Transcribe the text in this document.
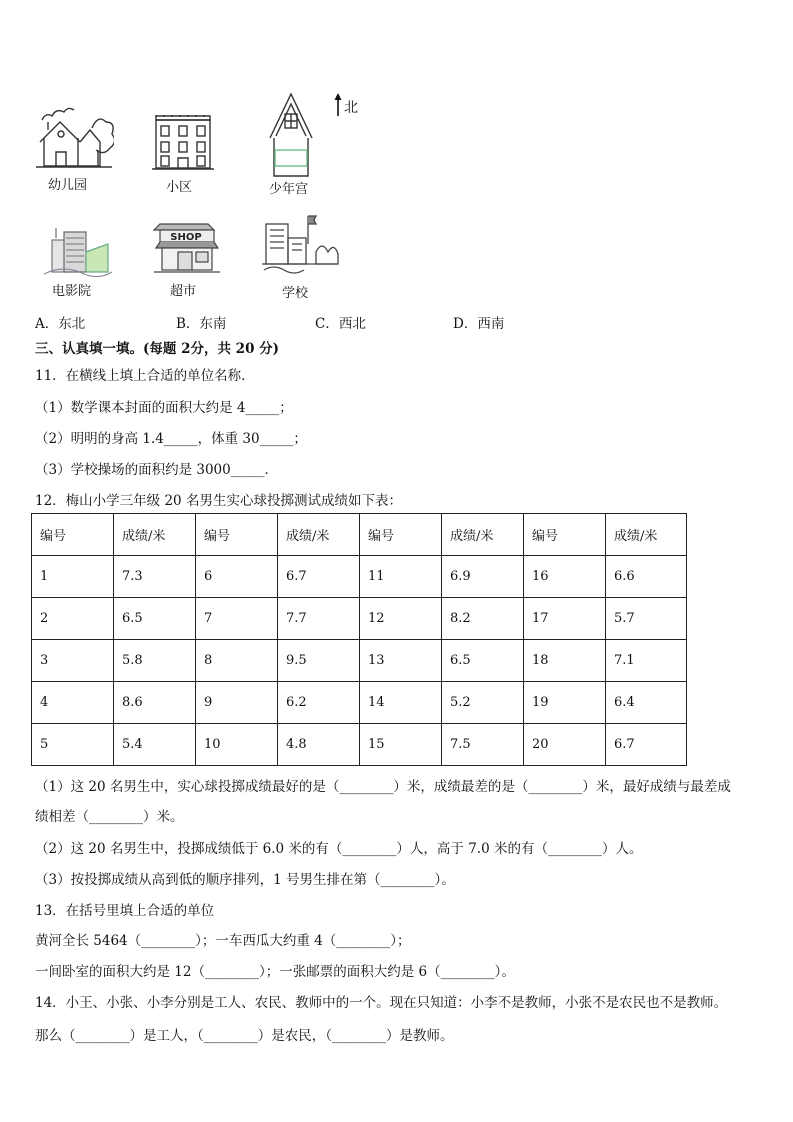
北
幼儿园	小区	少年宫
电影院
SHOP
超市	学校
A．东北	B．东南	C．西北	D．西南
三、认真填一填。(每题 2分，共 20 分)
11．在横线上填上合适的单位名称．
（1）数学课本封面的面积大约是 4_____；
（2）明明的身高 1.4_____，体重 30_____；
（3）学校操场的面积约是 3000_____．
12．梅山小学三年级 20 名男生实心球投掷测试成绩如下表：
编号	成绩/米	编号	成绩/米	编号	成绩/米	编号	成绩/米
1	7.3	6	6.7	11	6.9	16	6.6
2	6.5	7	7.7	12	8.2	17	5.7
3	5.8	8	9.5	13	6.5	18	7.1
4	8.6	9	6.2	14	5.2	19	6.4
5	5.4	10	4.8	15	7.5	20	6.7
（1）这 20 名男生中，实心球投掷成绩最好的是（________）米，成绩最差的是（________）米，最好成绩与最差成
绩相差（________）米。
（2）这 20 名男生中，投掷成绩低于 6.0 米的有（________）人，高于 7.0 米的有（________）人。
（3）按投掷成绩从高到低的顺序排列，1 号男生排在第（________）。
13．在括号里填上合适的单位
黄河全长 5464（________）；一车西瓜大约重 4（________）；
一间卧室的面积大约是 12（________）；一张邮票的面积大约是 6（________）。
14．小王、小张、小李分别是工人、农民、教师中的一个。现在只知道：小李不是教师，小张不是农民也不是教师。
那么（________）是工人，（________）是农民，（________）是教师。
